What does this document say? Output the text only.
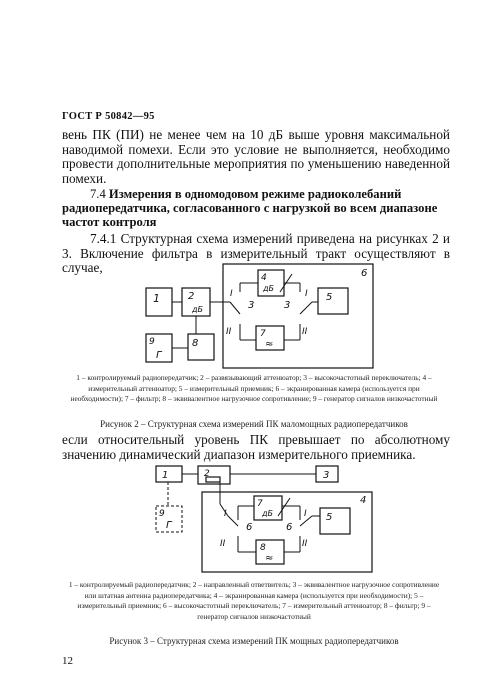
ГОСТ Р 50842—95
вень ПК (ПИ) не менее чем на 10 дБ выше уровня максимальной наводимой помехи. Если это условие не выполняется, необходимо провести дополнительные мероприятия по уменьшению наведенной помехи.
7.4 Измерения в одномодовом режиме радиоколебаний радиопередатчика, согласованного с нагрузкой во всем диапазоне частот контроля
7.4.1 Структурная схема измерений приведена на рисунках 2 и 3. Включение фильтра в измерительный тракт осуществляют в случае,
1	2
дБ
6
4
дБ
I
II
3
7
≈
I
II
3
5
9
Г
8
1 – контролируемый радиопередатчик; 2 – развязывающий аттенюатор; 3 – высокочастотный переключатель; 4 – измерительный аттенюатор; 5 – измерительный приемник; 6 – экранированная камера (используется при необходимости); 7 – фильтр; 8 – эквивалентное нагрузочное сопротивление; 9 – генератор сигналов низкочастотный
Рисунок 2 – Структурная схема измерений ПК маломощных радиопередатчиков
если относительный уровень ПК превышает по абсолютному значению динамический диапазон измерительного приемника.
1	2	3
4
9
Г
I
II
6
7
дБ
8
≈
I
II
6
5
1 – контролируемый радиопередатчик; 2 – направленный ответвитель; 3 – эквивалентное нагрузочное сопротивление или штатная антенна радиопередатчика; 4 – экранированная камера (используется при необходимости); 5 – измерительный приемник; 6 – высокочастотный переключатель; 7 – измерительный аттенюатор; 8 – фильтр; 9 – генератор сигналов низкочастотный
Рисунок 3 – Структурная схема измерений ПК мощных радиопередатчиков
12
